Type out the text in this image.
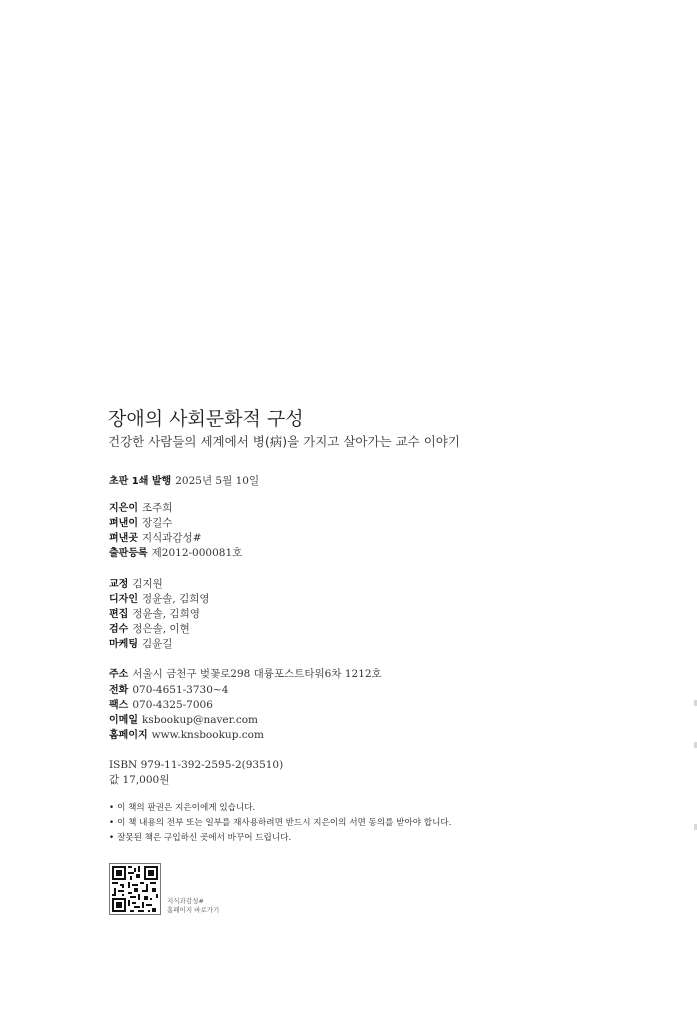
장애의 사회문화적 구성
건강한 사람들의 세계에서 병(病)을 가지고 살아가는 교수 이야기
초판 1쇄 발행 2025년 5월 10일
지은이 조주희
펴낸이 장길수
펴낸곳 지식과감성#
출판등록 제2012-000081호
교정 김지원
디자인 정윤솔, 김희영
편집 정윤솔, 김희영
검수 정은솔, 이현
마케팅 김윤길
주소 서울시 금천구 벚꽃로298 대륭포스트타워6차 1212호
전화 070-4651-3730~4
팩스 070-4325-7006
이메일 ksbookup@naver.com
홈페이지 www.knsbookup.com
ISBN 979-11-392-2595-2(93510)
값 17,000원
• 이 책의 판권은 지은이에게 있습니다.
• 이 책 내용의 전부 또는 일부를 재사용하려면 반드시 지은이의 서면 동의를 받아야 합니다.
• 잘못된 책은 구입하신 곳에서 바꾸어 드립니다.
지식과감성#
홈페이지 바로가기
